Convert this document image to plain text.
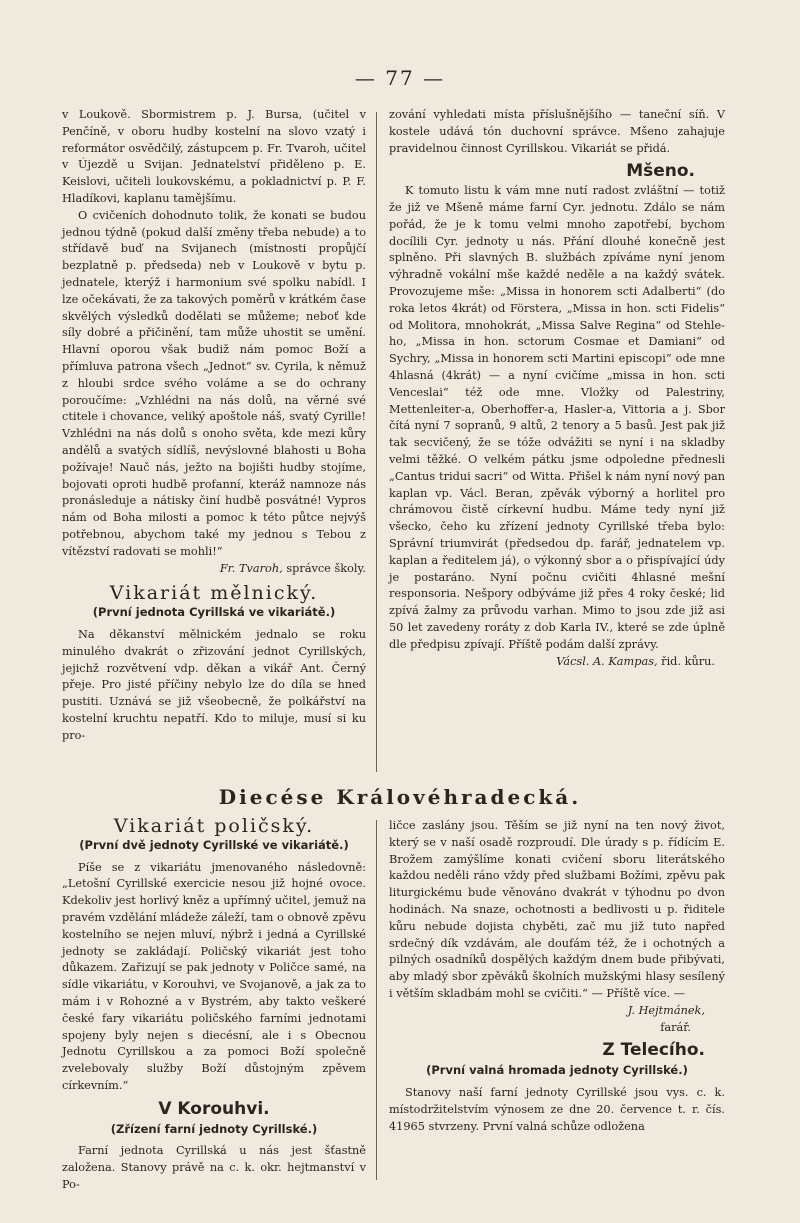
— 77 —

v Loukově. Sbormistrem p. J. Bursa, (učitel v Penčíně, v oboru hudby kostelní na slovo vzatý i reformátor osvědčilý, zástupcem p. Fr. Tvaroh, učitel v Újezdě u Svijan. Jednatelství přiděleno p. E. Keislovi, učiteli loukovskému, a pokladnictví p. P. F. Hladíkovi, kaplanu tamějšímu.

O cvičeních dohodnuto tolik, že konati se budou jednou týdně (pokud další změny třeba nebude) a to střídavě buď na Svijanech (místnosti propůjčí bezplatně p. předseda) neb v Loukově v bytu p. jednatele, kterýž i harmonium své spolku nabídl. I lze očekávati, že za takových poměrů v krátkém čase skvělých výsledků dodělati se můžeme; neboť kde síly dobré a přičinění, tam může uhostit se umění. Hlavní oporou však budiž nám pomoc Boží a přímluva patrona všech „Jednot“ sv. Cyrila, k němuž z hloubi srdce svého voláme a se do ochrany poroučíme: „Vzhlédni na nás dolů, na věrné své ctitele i chovance, veliký apoštole náš, svatý Cyrille! Vzhlédni na nás dolů s onoho světa, kde mezi kůry andělů a svatých sídlíš, nevýslovné blahosti u Boha požívaje! Nauč nás, ježto na bojišti hudby stojíme, bojovati oproti hudbě profanní, kteráž namnoze nás pronásleduje a nátisky činí hudbě posvátné! Vypros nám od Boha milosti a pomoc k této půtce nejvýš potřebnou, abychom také my jednou s Tebou z vítězství radovati se mohli!“

Fr. Tvaroh, správce školy.

Vikariát mělnický.
(První jednota Cyrillská ve vikariátě.)

Na děkanství mělnickém jednalo se roku minulého dvakrát o zřizování jednot Cyrillských, jejichž rozvětvení vdp. děkan a vikář Ant. Černý přeje. Pro jisté příčiny nebylo lze do díla se hned pustiti. Uznává se již všeobecně, že polkářství na kostelní kruchtu nepatří. Kdo to miluje, musí si ku pro-

zování vyhledati místa příslušnějšího — taneční síň. V kostele udává tón duchovní správce. Mšeno zahajuje pravidelnou činnost Cyrillskou. Vikariát se přidá.

Mšeno.

K tomuto listu k vám mne nutí radost zvláštní — totiž že již ve Mšeně máme farní Cyr. jednotu. Zdálo se nám pořád, že je k tomu velmi mnoho zapotřebí, bychom docílili Cyr. jednoty u nás. Přání dlouhé konečně jest splněno. Při slavných B. službách zpíváme nyní jenom výhradně vokální mše každé neděle a na každý svátek. Provozujeme mše: „Missa in honorem scti Adalberti“ (do roka letos 4krát) od Förstera, „Missa in hon. scti Fidelis“ od Molitora, mnohokrát, „Missa Salve Regina“ od Stehle-ho, „Missa in hon. sctorum Cosmae et Damiani“ od Sychry, „Missa in honorem scti Martini episcopi“ ode mne 4hlasná (4krát) — a nyní cvičíme „missa in hon. scti Venceslai“ též ode mne. Vložky od Palestriny, Mettenleiter-a, Oberhoffer-a, Hasler-a, Vittoria a j. Sbor čítá nyní 7 sopranů, 9 altů, 2 tenory a 5 basů. Jest pak již tak secvičený, že se tóže odvážiti se nyní i na skladby velmi těžké. O velkém pátku jsme odpoledne přednesli „Cantus tridui sacri“ od Witta. Přišel k nám nyní nový pan kaplan vp. Václ. Beran, zpěvák výborný a horlitel pro chrámovou čistě církevní hudbu. Máme tedy nyní již všecko, čeho ku zřízení jednoty Cyrillské třeba bylo: Správní triumvirát (předsedou dp. farář, jednatelem vp. kaplan a ředitelem já), o výkonný sbor a o přispívající údy je postaráno. Nyní počnu cvičiti 4hlasné mešní responsoria. Nešpory odbýváme již přes 4 roky české; lid zpívá žalmy za průvodu varhan. Mimo to jsou zde již asi 50 let zavedeny roráty z dob Karla IV., které se zde úplně dle předpisu zpívají. Příště podám další zprávy.

Vácsl. A. Kampas, řid. kůru.

Diecése Královéhradecká.
Vikariát poličský.
(První dvě jednoty Cyrillské ve vikariátě.)

Píše se z vikariátu jmenovaného následovně: „Letošní Cyrillské exercicie nesou již hojné ovoce. Kdekoliv jest horlivý kněz a upřímný učitel, jemuž na pravém vzdělání mládeže záleží, tam o obnově zpěvu kostelního se nejen mluví, nýbrž i jedná a Cyrillské jednoty se zakládají. Poličský vikariát jest toho důkazem. Zařizují se pak jednoty v Poličce samé, na sídle vikariátu, v Korouhvi, ve Svojanově, a jak za to mám i v Rohozné a v Bystrém, aby takto veškeré české fary vikariátu poličského farními jednotami spojeny byly nejen s diecésní, ale i s Obecnou Jednotu Cyrillskou a za pomoci Boží společně zvelebovaly služby Boží důstojným zpěvem církevním.“

V Korouhvi.
(Zřízení farní jednoty Cyrillské.)

Farní jednota Cyrillská u nás jest šťastně založena. Stanovy právě na c. k. okr. hejtmanství v Po-

ličce zaslány jsou. Těším se již nyní na ten nový život, který se v naší osadě rozproudí. Dle úrady s p. řídícím E. Brožem zamýšlíme konati cvičení sboru literátského každou neděli ráno vždy před službami Božími, zpěvu pak liturgickému bude věnováno dvakrát v týhodnu po dvon hodinách. Na snaze, ochotnosti a bedlivosti u p. řiditele kůru nebude dojista chyběti, zač mu již tuto napřed srdečný dík vzdávám, ale doufám též, že i ochotných a pilných osadníků dospělých každým dnem bude přibývati, aby mladý sbor zpěváků školních mužskými hlasy sesílený i větším skladbám mohl se cvičiti.“ — Příště více. —

J. Hejtmánek,

farář.

Z Telecího.
(První valná hromada jednoty Cyrillské.)

Stanovy naší farní jednoty Cyrillské jsou vys. c. k. místodržitelstvím výnosem ze dne 20. července t. r. čís. 41965 stvrzeny. První valná schůze odložena
